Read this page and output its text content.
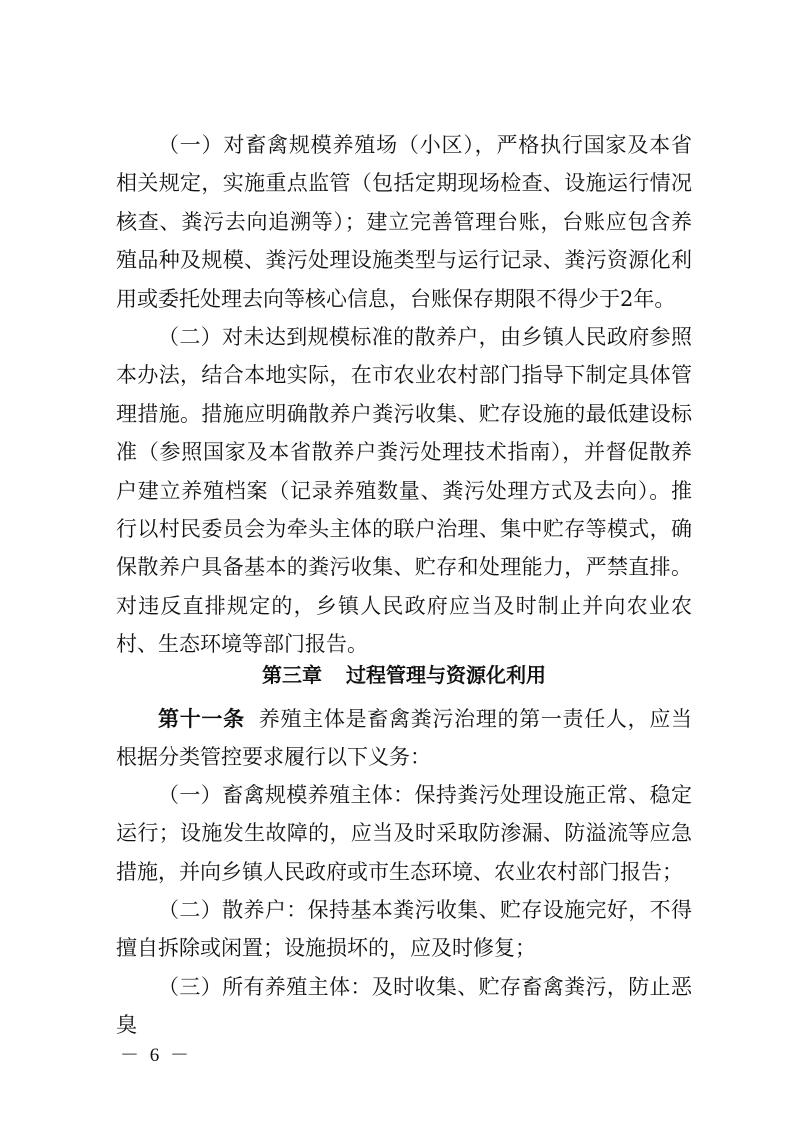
（一）对畜禽规模养殖场（小区），严格执行国家及本省相关规定，实施重点监管（包括定期现场检查、设施运行情况核查、粪污去向追溯等）；建立完善管理台账，台账应包含养殖品种及规模、粪污处理设施类型与运行记录、粪污资源化利用或委托处理去向等核心信息，台账保存期限不得少于2年。

（二）对未达到规模标准的散养户，由乡镇人民政府参照本办法，结合本地实际，在市农业农村部门指导下制定具体管理措施。措施应明确散养户粪污收集、贮存设施的最低建设标准（参照国家及本省散养户粪污处理技术指南），并督促散养户建立养殖档案（记录养殖数量、粪污处理方式及去向）。推行以村民委员会为牵头主体的联户治理、集中贮存等模式，确保散养户具备基本的粪污收集、贮存和处理能力，严禁直排。对违反直排规定的，乡镇人民政府应当及时制止并向农业农村、生态环境等部门报告。

第三章 过程管理与资源化利用

第十一条 养殖主体是畜禽粪污治理的第一责任人，应当根据分类管控要求履行以下义务：

（一）畜禽规模养殖主体：保持粪污处理设施正常、稳定运行；设施发生故障的，应当及时采取防渗漏、防溢流等应急措施，并向乡镇人民政府或市生态环境、农业农村部门报告；

（二）散养户：保持基本粪污收集、贮存设施完好，不得擅自拆除或闲置；设施损坏的，应及时修复；

（三）所有养殖主体：及时收集、贮存畜禽粪污，防止恶臭

－ 6 －
